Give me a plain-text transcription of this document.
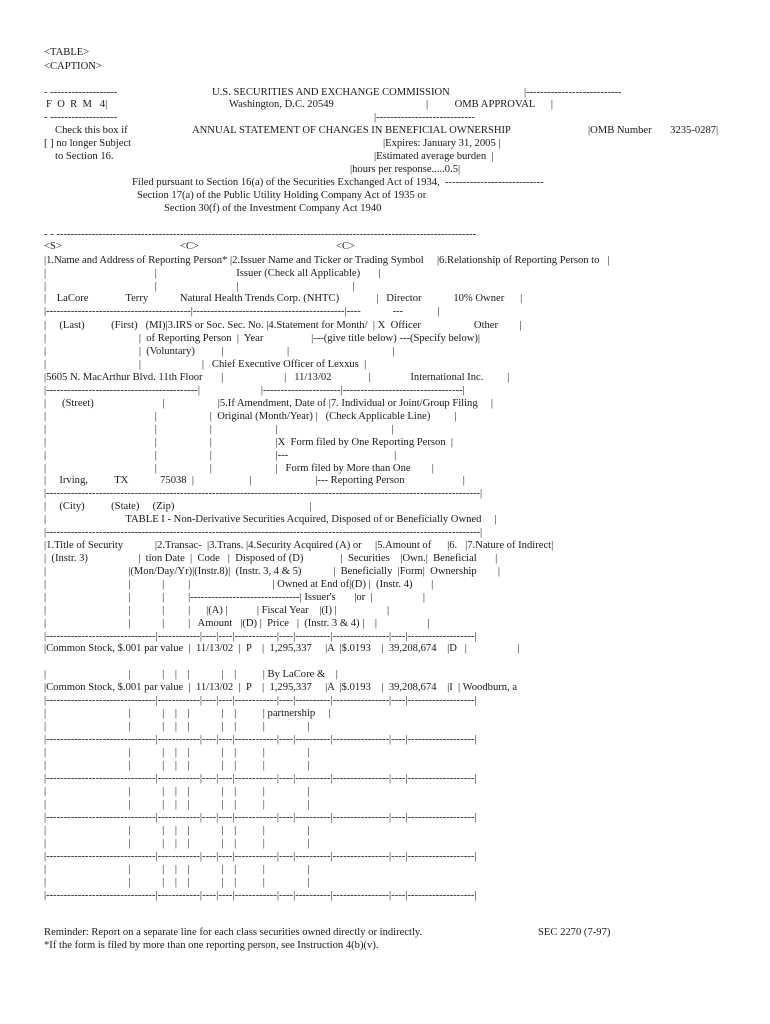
<TABLE>
<CAPTION>
- -------------------	U.S. SECURITIES AND EXCHANGE COMMISSION	|---------------------------
F  O  R  M   4|	Washington, D.C. 20549	|          OMB APPROVAL      |
- -------------------	|----------------------------
Check this box if	ANNUAL STATEMENT OF CHANGES IN BENEFICIAL OWNERSHIP	|OMB Number       3235-0287|
[ ] no longer Subject	|Expires: January 31, 2005 |
to Section 16.	|Estimated average burden  |
|hours per response.....0.5|
Filed pursuant to Section 16(a) of the Securities Exchanged Act of 1934,  ----------------------------
Section 17(a) of the Public Utility Holding Company Act of 1935 or
Section 30(f) of the Investment Company Act 1940
- - -----------------------------------------------------------------------------------------------------------------------
<S>	<C>	<C>
|1.Name and Address of Reporting Person* |2.Issuer Name and Ticker or Trading Symbol     |6.Relationship of Reporting Person to   |
|                                         |                              Issuer (Check all Applicable)       |
|                                         |                              |                                           |
|    LaCore              Terry            Natural Health Trends Corp. (NHTC)              |   Director            10% Owner      |
|-----------------------------------------|-------------------------------------------|----            ---             |
|     (Last)          (First)   (MI)|3.IRS or Soc. Sec. No. |4.Statement for Month/  | X  Officer                    Other        |
|                                   |  of Reporting Person  |  Year                  |---(give title below) ---(Specify below)|
|                                   |  (Voluntary)          |                        |                                       |
|                                   |                       |   Chief Executive Officer of Lexxus  |
|5605 N. MacArthur Blvd. 11th Floor       |                       |   11/13/02              |               International Inc.         |
|-------------------------------------------|                       |----------------------|----------------------------------|
|      (Street)                          |                    |5.If Amendment, Date of |7. Individual or Joint/Group Filing     |
|                                         |                    |  Original (Month/Year) |   (Check Applicable Line)         |
|                                         |                    |                        |                                           |
|                                         |                    |                        |X  Form filed by One Reporting Person  |
|                                         |                    |                        |---                                        |
|                                         |                    |                        |   Form filed by More than One        |
|     Irving,          TX            75038  |                     |                        |--- Reporting Person                      |
|---------------------------------------------------------------------------------------------------------------------------|
|     (City)          (State)     (Zip)                                                   |
|                              TABLE I - Non-Derivative Securities Acquired, Disposed of or Beneficially Owned     |
|---------------------------------------------------------------------------------------------------------------------------|
|1.Title of Security            |2.Transac-  |3.Trans. |4.Security Acquired (A) or     |5.Amount of      |6.   |7.Nature of Indirect|
|  (Instr. 3)                   |  tion Date  |  Code   |  Disposed of (D)              |  Securities    |Own.|  Beneficial       |
|                               |(Mon/Day/Yr)|(Instr.8)|  (Instr. 3, 4 & 5)            |  Beneficially  |Form|  Ownership        |
|                               |            |         |                               | Owned at End of|(D) |  (Instr. 4)       |
|                               |            |         |-------------------------------| Issuer's       |or  |                   |
|                               |            |         |      |(A) |           | Fiscal Year    |(I) |                   |
|                               |            |         |   Amount   |(D) |  Price   |  (Instr. 3 & 4) |    |                   |
|-------------------------------|------------|----|----|------------|----|----------|----------------|----|-------------------|
|Common Stock, $.001 par value  |  11/13/02  |  P    |  1,295,337     |A  |$.0193    |  39,208,674    |D   |                   |
|                               |            |    |    |            |    |          | By LaCore &    |
|Common Stock, $.001 par value  |  11/13/02  |  P    |  1,295,337     |A  |$.0193    |  39,208,674    |I  | Woodburn, a
|-------------------------------|------------|----|----|------------|----|----------|----------------|----|-------------------|
|                               |            |    |    |            |    |          | partnership     |
|                               |            |    |    |            |    |          |                |
|-------------------------------|------------|----|----|------------|----|----------|----------------|----|-------------------|
|                               |            |    |    |            |    |          |                |
|                               |            |    |    |            |    |          |                |
|-------------------------------|------------|----|----|------------|----|----------|----------------|----|-------------------|
|                               |            |    |    |            |    |          |                |
|                               |            |    |    |            |    |          |                |
|-------------------------------|------------|----|----|------------|----|----------|----------------|----|-------------------|
|                               |            |    |    |            |    |          |                |
|                               |            |    |    |            |    |          |                |
|-------------------------------|------------|----|----|------------|----|----------|----------------|----|-------------------|
|                               |            |    |    |            |    |          |                |
|                               |            |    |    |            |    |          |                |
|-------------------------------|------------|----|----|------------|----|----------|----------------|----|-------------------|
Reminder: Report on a separate line for each class securities owned directly or indirectly.	SEC 2270 (7-97)
*If the form is filed by more than one reporting person, see Instruction 4(b)(v).
